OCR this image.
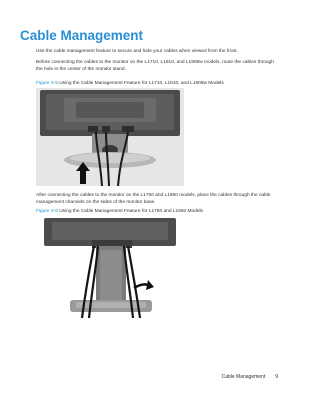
Cable Management
Use the cable management feature to secure and hide your cables when viewed from the front.
Before connecting the cables to the monitor on the L1710, L1910, and L1908w models, route the cables through the hole in the center of the monitor stand.
Figure 3-5 Using the Cable Management Feature for L1710, L1910, and L1908w Models
After connecting the cables to the monitor on the L1750 and L1950 models, place the cables through the cable management channels on the sides of the monitor base.
Figure 3-6 Using the Cable Management Feature for L1750 and L1950 Models
Cable Management 9
